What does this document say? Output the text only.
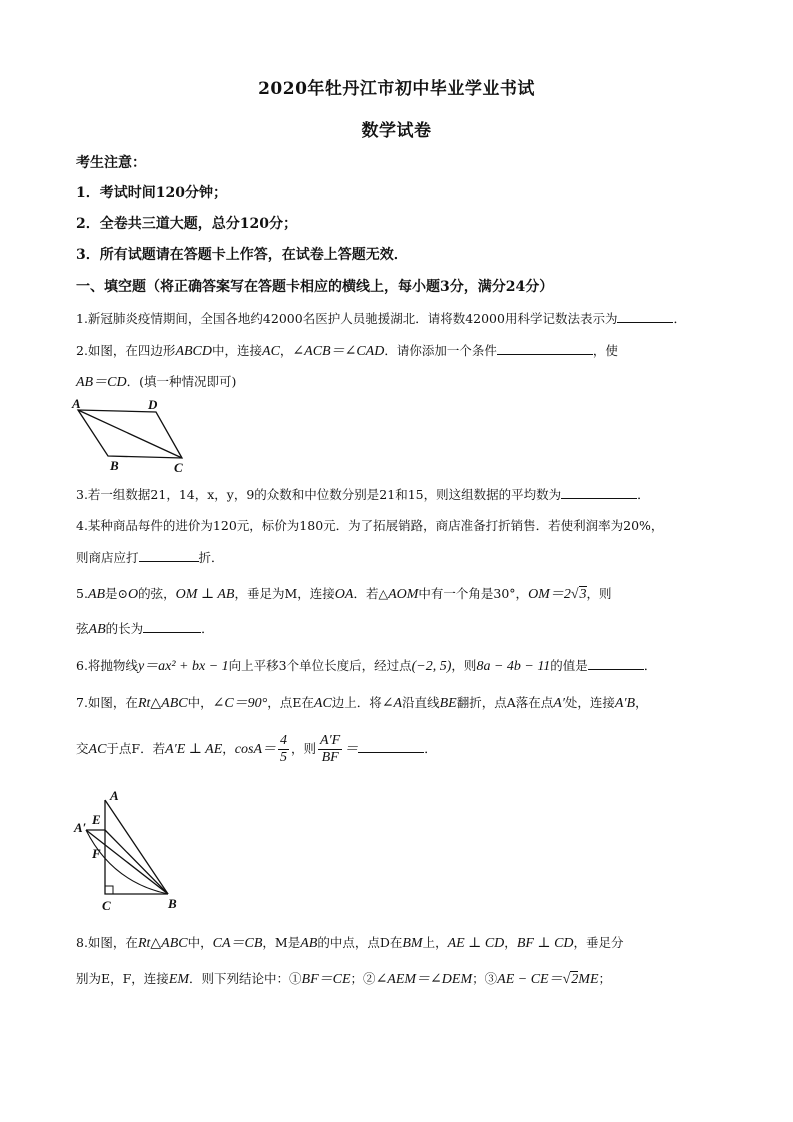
2020年牡丹江市初中毕业学业书试
数学试卷
考生注意：
1．考试时间120分钟；
2．全卷共三道大题，总分120分；
3．所有试题请在答题卡上作答，在试卷上答题无效．
一、填空题（将正确答案写在答题卡相应的横线上，每小题3分，满分24分）
1.新冠肺炎疫情期间，全国各地约42000名医护人员驰援湖北．请将数42000用科学记数法表示为	．
2.如图，在四边形ABCD中，连接AC，∠ACB＝∠CAD．请你添加一个条件	，使
AB＝CD．(填一种情况即可)
A	D
B	C
3.若一组数据21，14，x，y，9的众数和中位数分别是21和15，则这组数据的平均数为	．
4.某种商品每件的进价为120元，标价为180元．为了拓展销路，商店准备打折销售．若使利润率为20%，
则商店应打	折．
5.AB是⊙O的弦，OM ⊥ AB，垂足为M，连接OA．若△AOM中有一个角是30°，OM＝2√3，则
弦AB的长为	．
6.将抛物线y＝ax² + bx − 1向上平移3个单位长度后，经过点(−2, 5)，则8a − 4b − 11的值是	．
7.如图，在Rt△ABC中，∠C＝90°，点E在AC边上．将∠A沿直线BE翻折，点A落在点A′处，连接A′B，
交AC于点F．若A′E ⊥ AE，$\cos A= \frac{4}{5}$ ，则 $\frac{A'F}{BF}$ ＝	．
A
A′
E
F
C	B
8.如图，在Rt△ABC中，CA＝CB，M是AB的中点，点D在BM上，AE ⊥ CD，BF ⊥ CD，垂足分
别为E，F，连接EM．则下列结论中：①BF＝CE；②∠AEM＝∠DEM；③AE − CE＝√2ME；
